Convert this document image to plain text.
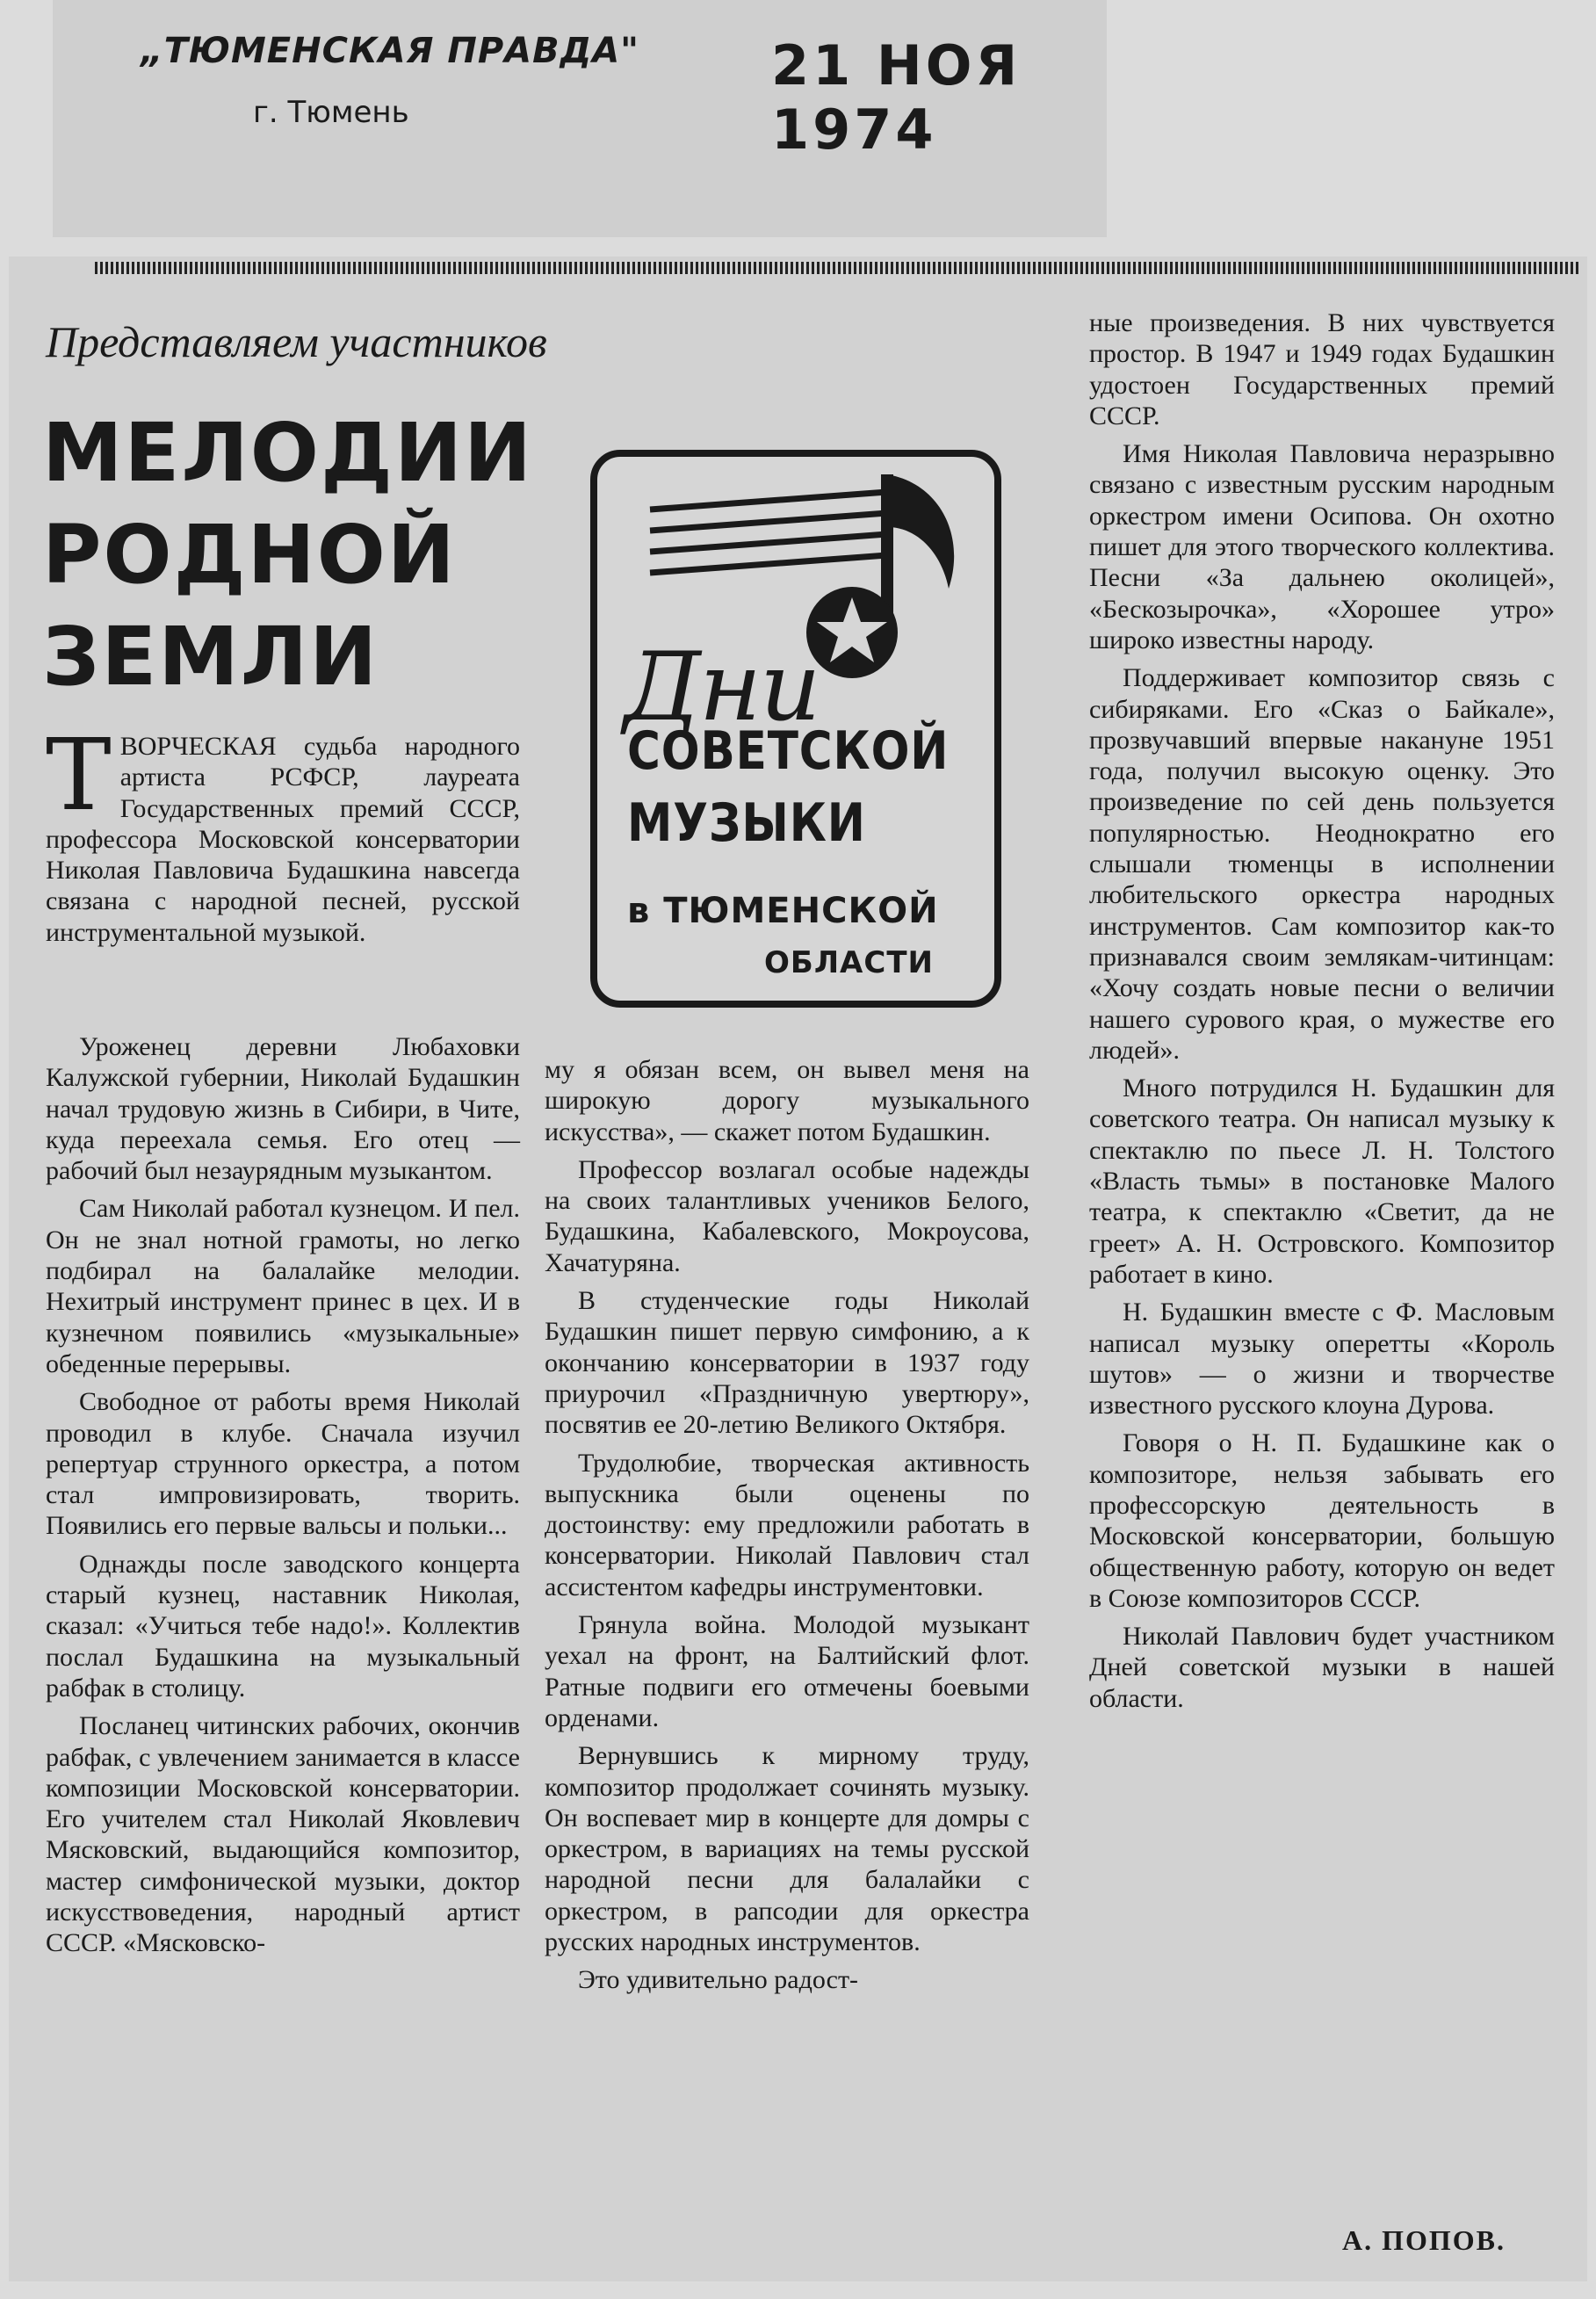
„ТЮМЕНСКАЯ ПРАВДА"
г. Тюмень
21 НОЯ 1974
Представляем участников
МЕЛОДИИ
РОДНОЙ
ЗЕМЛИ	Дни
СОВЕТСКОЙ
МУЗЫКИ
в ТЮМЕНСКОЙ
ОБЛАСТИ

ТВОРЧЕСКАЯ судьба народного артиста РСФСР, лауреата Государственных премий СССР, профессора Московской консерватории Николая Павловича Будашкина навсегда связана с народной песней, русской инструментальной музыкой.

Уроженец деревни Любаховки Калужской губернии, Николай Будашкин начал трудовую жизнь в Сибири, в Чите, куда переехала семья. Его отец — рабочий был незаурядным музыкантом.

Сам Николай работал кузнецом. И пел. Он не знал нотной грамоты, но легко подбирал на балалайке мелодии. Нехитрый инструмент принес в цех. И в кузнечном появились «музыкальные» обеденные перерывы.

Свободное от работы время Николай проводил в клубе. Сначала изучил репертуар струнного оркестра, а потом стал импровизировать, творить. Появились его первые вальсы и польки...

Однажды после заводского концерта старый кузнец, наставник Николая, сказал: «Учиться тебе надо!». Коллектив послал Будашкина на музыкальный рабфак в столицу.

Посланец читинских рабочих, окончив рабфак, с увлечением занимается в классе композиции Московской консерватории. Его учителем стал Николай Яковлевич Мясковский, выдающийся композитор, мастер симфонической музыки, доктор искусствоведения, народный артист СССР. «Мясковско-

му я обязан всем, он вывел меня на широкую дорогу музыкального искусства», — скажет потом Будашкин.

Профессор возлагал особые надежды на своих талантливых учеников Белого, Будашкина, Кабалевского, Мокроусова, Хачатуряна.

В студенческие годы Николай Будашкин пишет первую симфонию, а к окончанию консерватории в 1937 году приурочил «Праздничную увертюру», посвятив ее 20-летию Великого Октября.

Трудолюбие, творческая активность выпускника были оценены по достоинству: ему предложили работать в консерватории. Николай Павлович стал ассистентом кафедры инструментовки.

Грянула война. Молодой музыкант уехал на фронт, на Балтийский флот. Ратные подвиги его отмечены боевыми орденами.

Вернувшись к мирному труду, композитор продолжает сочинять музыку. Он воспевает мир в концерте для домры с оркестром, в вариациях на темы русской народной песни для балалайки с оркестром, в рапсодии для оркестра русских народных инструментов.

Это удивительно радост-

ные произведения. В них чувствуется простор. В 1947 и 1949 годах Будашкин удостоен Государственных премий СССР.

Имя Николая Павловича неразрывно связано с известным русским народным оркестром имени Осипова. Он охотно пишет для этого творческого коллектива. Песни «За дальнею околицей», «Бескозырочка», «Хорошее утро» широко известны народу.

Поддерживает композитор связь с сибиряками. Его «Сказ о Байкале», прозвучавший впервые накануне 1951 года, получил высокую оценку. Это произведение по сей день пользуется популярностью. Неоднократно его слышали тюменцы в исполнении любительского оркестра народных инструментов. Сам композитор как-то признавался своим землякам-читинцам: «Хочу создать новые песни о величии нашего сурового края, о мужестве его людей».

Много потрудился Н. Будашкин для советского театра. Он написал музыку к спектаклю по пьесе Л. Н. Толстого «Власть тьмы» в постановке Малого театра, к спектаклю «Светит, да не греет» А. Н. Островского. Композитор работает в кино.

Н. Будашкин вместе с Ф. Масловым написал музыку оперетты «Король шутов» — о жизни и творчестве известного русского клоуна Дурова.

Говоря о Н. П. Будашкине как о композиторе, нельзя забывать его профессорскую деятельность в Московской консерватории, большую общественную работу, которую он ведет в Союзе композиторов СССР.

Николай Павлович будет участником Дней советской музыки в нашей области.

А. ПОПОВ.
